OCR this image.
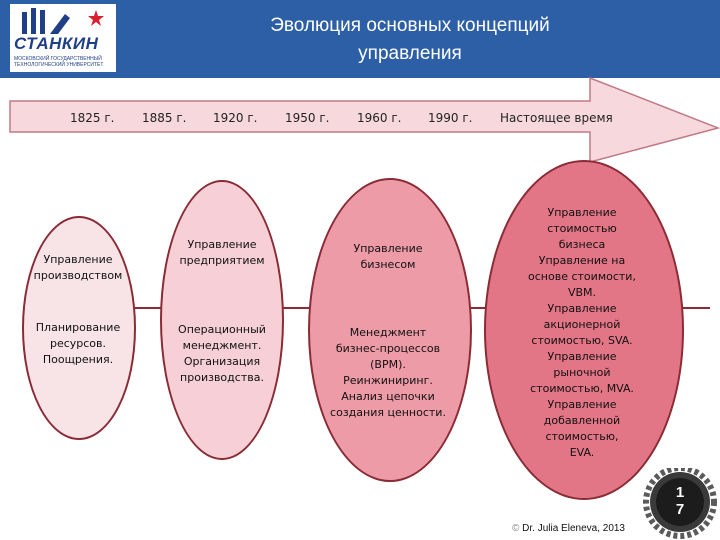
СТАНКИН
МОСКОВСКИЙ ГОСУДАРСТВЕННЫЙ ТЕХНОЛОГИЧЕСКИЙ УНИВЕРСИТЕТ
Эволюция основных концепций
управления
1825 г. 1885 г. 1920 г. 1950 г. 1960 г. 1990 г. Настоящее время
Управление
производством
Планирование
ресурсов.
Поощрения.
Управление
предприятием
Операционный
менеджмент.
Организация
производства.
Управление
бизнесом
Менеджмент
бизнес-процессов
(BPM).
Реинжиниринг.
Анализ цепочки
создания ценности.
Управление
стоимостью
бизнеса
Управление на
основе стоимости,
VBM.
Управление
акционерной
стоимостью, SVA.
Управление
рыночной
стоимостью, MVA.
Управление
добавленной
стоимостью,
EVA.
1
7
© Dr. Julia Eleneva, 2013
